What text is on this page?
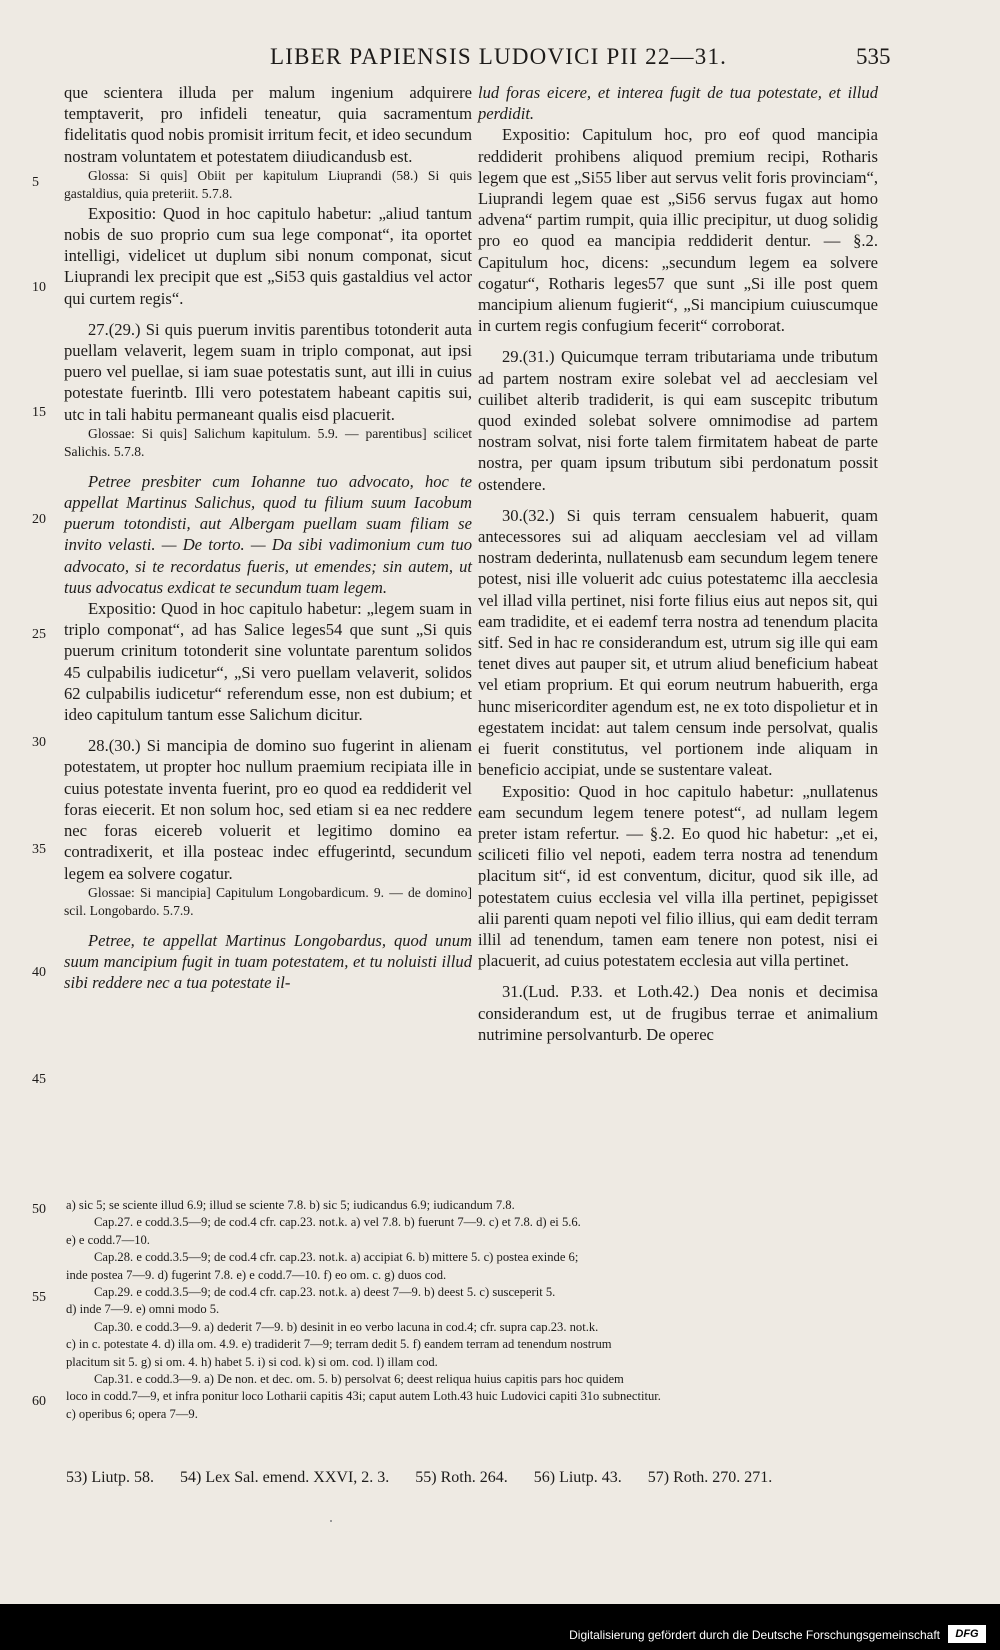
LIBER PAPIENSIS LUDOVICI PII 22—31.	535

que scientera illuda per malum ingenium adquirere temptaverit, pro infideli teneatur, quia sacramentum fidelitatis quod nobis promisit irritum fecit, et ideo secundum nostram voluntatem et potestatem diiudicandusb est.

Glossa: Si quis] Obiit per kapitulum Liuprandi (58.) Si quis gastaldius, quia preteriit. 5.7.8.

Expositio: Quod in hoc capitulo habetur: „aliud tantum nobis de suo proprio cum sua lege componat“, ita oportet intelligi, videlicet ut duplum sibi nonum componat, sicut Liuprandi lex precipit que est „Si53 quis gastaldius vel actor qui curtem regis“.

27.(29.) Si quis puerum invitis parentibus totonderit auta puellam velaverit, legem suam in triplo componat, aut ipsi puero vel puellae, si iam suae potestatis sunt, aut illi in cuius potestate fuerintb. Illi vero potestatem habeant capitis sui, utc in tali habitu permaneant qualis eisd placuerit.

Glossae: Si quis] Salichum kapitulum. 5.9. — parentibus] scilicet Salichis. 5.7.8.

Petree presbiter cum Iohanne tuo advocato, hoc te appellat Martinus Salichus, quod tu filium suum Iacobum puerum totondisti, aut Albergam puellam suam filiam se invito velasti. — De torto. — Da sibi vadimonium cum tuo advocato, si te recordatus fueris, ut emendes; sin autem, ut tuus advocatus exdicat te secundum tuam legem.

Expositio: Quod in hoc capitulo habetur: „legem suam in triplo componat“, ad has Salice leges54 que sunt „Si quis puerum crinitum totonderit sine voluntate parentum solidos 45 culpabilis iudicetur“, „Si vero puellam velaverit, solidos 62 culpabilis iudicetur“ referendum esse, non est dubium; et ideo capitulum tantum esse Salichum dicitur.

28.(30.) Si mancipia de domino suo fugerint in alienam potestatem, ut propter hoc nullum praemium recipiata ille in cuius potestate inventa fuerint, pro eo quod ea reddiderit vel foras eiecerit. Et non solum hoc, sed etiam si ea nec reddere nec foras eicereb voluerit et legitimo domino ea contradixerit, et illa posteac indec effugerintd, secundum legem ea solvere cogatur.

Glossae: Si mancipia] Capitulum Longobardicum. 9. — de domino] scil. Longobardo. 5.7.9.

Petree, te appellat Martinus Longobardus, quod unum suum mancipium fugit in tuam potestatem, et tu noluisti illud sibi reddere nec a tua potestate il-

lud foras eicere, et interea fugit de tua potestate, et illud perdidit.

Expositio: Capitulum hoc, pro eof quod mancipia reddiderit prohibens aliquod premium recipi, Rotharis legem que est „Si55 liber aut servus velit foris provinciam“, Liuprandi legem quae est „Si56 servus fugax aut homo advena“ partim rumpit, quia illic precipitur, ut duog solidig pro eo quod ea mancipia reddiderit dentur. — §.2. Capitulum hoc, dicens: „secundum legem ea solvere cogatur“, Rotharis leges57 que sunt „Si ille post quem mancipium alienum fugierit“, „Si mancipium cuiuscumque in curtem regis confugium fecerit“ corroborat.

29.(31.) Quicumque terram tributariama unde tributum ad partem nostram exire solebat vel ad aecclesiam vel cuilibet alterib tradiderit, is qui eam suscepitc tributum quod exinded solebat solvere omnimodise ad partem nostram solvat, nisi forte talem firmitatem habeat de parte nostra, per quam ipsum tributum sibi perdonatum possit ostendere.

30.(32.) Si quis terram censualem habuerit, quam antecessores sui ad aliquam aecclesiam vel ad villam nostram dederinta, nullatenusb eam secundum legem tenere potest, nisi ille voluerit adc cuius potestatemc illa aecclesia vel illad villa pertinet, nisi forte filius eius aut nepos sit, qui eam tradidite, et ei eademf terra nostra ad tenendum placita sitf. Sed in hac re considerandum est, utrum sig ille qui eam tenet dives aut pauper sit, et utrum aliud beneficium habeat vel etiam proprium. Et qui eorum neutrum habuerith, erga hunc misericorditer agendum est, ne ex toto dispolietur et in egestatem incidat: aut talem censum inde persolvat, qualis ei fuerit constitutus, vel portionem inde aliquam in beneficio accipiat, unde se sustentare valeat.

Expositio: Quod in hoc capitulo habetur: „nullatenus eam secundum legem tenere potest“, ad nullam legem preter istam refertur. — §.2. Eo quod hic habetur: „et ei, sciliceti filio vel nepoti, eadem terra nostra ad tenendum placitum sit“, id est conventum, dicitur, quod sik ille, ad potestatem cuius ecclesia vel villa illa pertinet, pepigisset alii parenti quam nepoti vel filio illius, qui eam dedit terram illil ad tenendum, tamen eam tenere non potest, nisi ei placuerit, ad cuius potestatem ecclesia aut villa pertinet.

31.(Lud. P.33. et Loth.42.) Dea nonis et decimisa considerandum est, ut de frugibus terrae et animalium nutrimine persolvanturb. De operec

5
10
15
20
25
30
35
40
45
50
55
60

a) sic 5; se sciente illud 6.9; illud se sciente 7.8. b) sic 5; iudicandus 6.9; iudicandum 7.8.

Cap.27. e codd.3.5—9; de cod.4 cfr. cap.23. not.k. a) vel 7.8. b) fuerunt 7—9. c) et 7.8. d) ei 5.6.

e) e codd.7—10.

Cap.28. e codd.3.5—9; de cod.4 cfr. cap.23. not.k. a) accipiat 6. b) mittere 5. c) postea exinde 6;

inde postea 7—9. d) fugerint 7.8. e) e codd.7—10. f) eo om. c. g) duos cod.

Cap.29. e codd.3.5—9; de cod.4 cfr. cap.23. not.k. a) deest 7—9. b) deest 5. c) susceperit 5.

d) inde 7—9. e) omni modo 5.

Cap.30. e codd.3—9. a) dederit 7—9. b) desinit in eo verbo lacuna in cod.4; cfr. supra cap.23. not.k.

c) in c. potestate 4. d) illa om. 4.9. e) tradiderit 7—9; terram dedit 5. f) eandem terram ad tenendum nostrum

placitum sit 5. g) si om. 4. h) habet 5. i) si cod. k) si om. cod. l) illam cod.

Cap.31. e codd.3—9. a) De non. et dec. om. 5. b) persolvat 6; deest reliqua huius capitis pars hoc quidem

loco in codd.7—9, et infra ponitur loco Lotharii capitis 43i; caput autem Loth.43 huic Ludovici capiti 31o subnectitur.

c) operibus 6; opera 7—9.

53) Liutp. 58. 54) Lex Sal. emend. XXVI, 2. 3. 55) Roth. 264. 56) Liutp. 43. 57) Roth. 270. 271.
Digitalisierung gefördert durch die Deutsche Forschungsgemeinschaft	DFG
